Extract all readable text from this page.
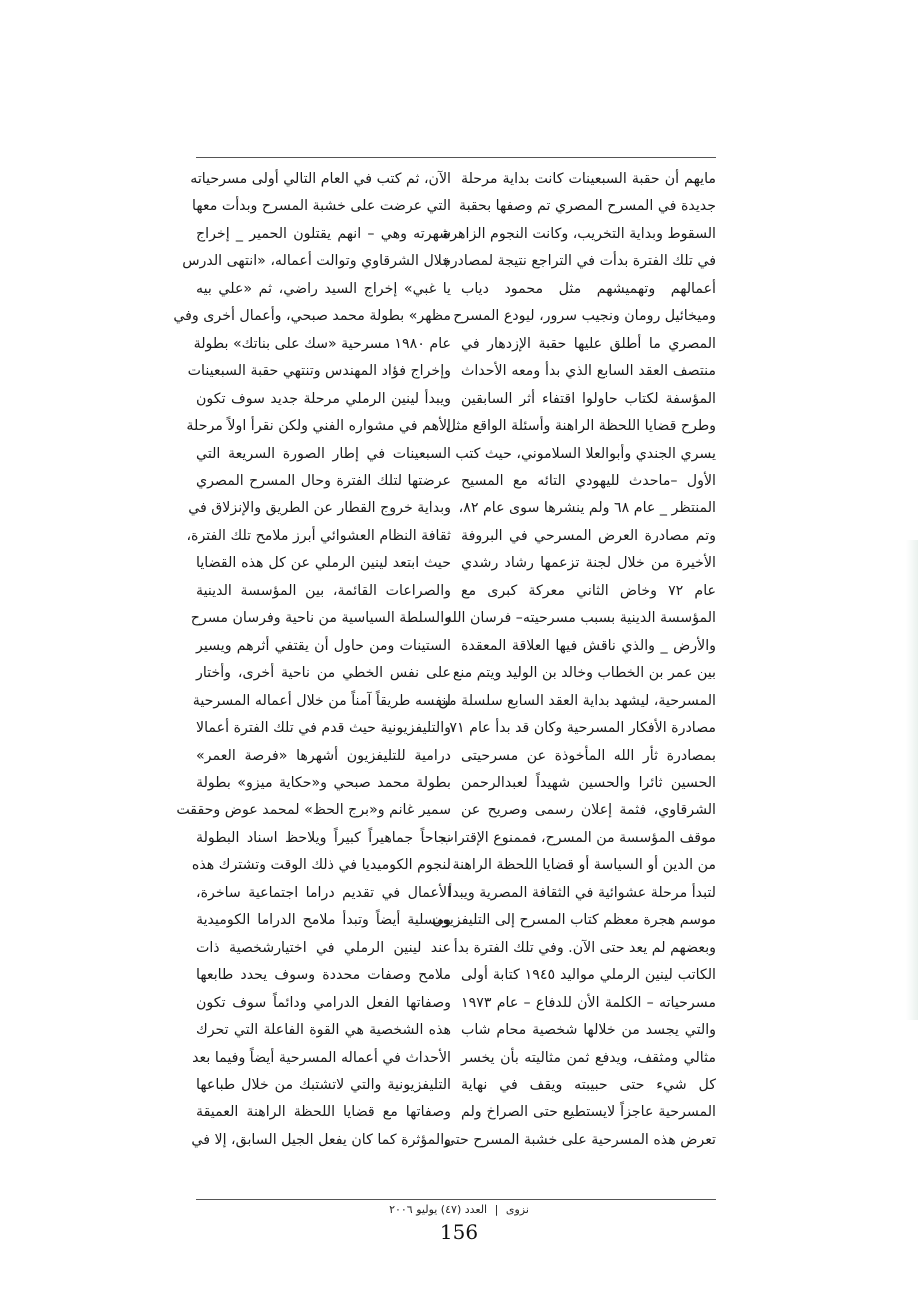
مايهم أن حقبة السبعينات كانت بداية مرحلة
جديدة في المسرح المصري تم وصفها بحقبة
السقوط وبداية التخريب، وكانت النجوم الزاهرة
في تلك الفترة بدأت في التراجع نتيجة لمصادرة
أعمالهم وتهميشهم مثل محمود دياب
وميخائيل رومان ونجيب سرور، ليودع المسرح
المصري ما أطلق عليها حقبة الإزدهار في
منتصف العقد السابع الذي بدأ ومعه الأحداث
المؤسفة لكتاب حاولوا اقتفاء أثر السابقين
وطرح قضايا اللحظة الراهنة وأسئلة الواقع مثل
يسري الجندي وأبوالعلا السلاموني، حيث كتب
الأول –ماحدث لليهودي التائه مع المسيح
المنتظر _ عام ٦٨ ولم ينشرها سوى عام ٨٢،
وتم مصادرة العرض المسرحي في البروفة
الأخيرة من خلال لجنة تزعمها رشاد رشدي
عام ٧٢ وخاض الثاني معركة كبرى مع
المؤسسة الدينية بسبب مسرحيته– فرسان الله
والأرض _ والذي ناقش فيها العلاقة المعقدة
بين عمر بن الخطاب وخالد بن الوليد ويتم منع
المسرحية، ليشهد بداية العقد السابع سلسلة من
مصادرة الأفكار المسرحية وكان قد بدأ عام ٧١
بمصادرة ثأر الله المأخوذة عن مسرحيتى
الحسين ثائرا والحسين شهيداً لعبدالرحمن
الشرقاوي، فثمة إعلان رسمى وصريح عن
موقف المؤسسة من المسرح، فممنوع الإقتراب
من الدين أو السياسة أو قضايا اللحظة الراهنة
لتبدأ مرحلة عشوائية في الثقافة المصرية ويبدأ
موسم هجرة معظم كتاب المسرح إلى التليفزيون
وبعضهم لم يعد حتى الآن. وفي تلك الفترة بدأ
الكاتب لينين الرملي مواليد ١٩٤٥ كتابة أولى
مسرحياته – الكلمة الأن للدفاع – عام ١٩٧٣
والتي يجسد من خلالها شخصية محام شاب
مثالي ومثقف، ويدفع ثمن مثاليته بأن يخسر
كل شيء حتى حبيبته ويقف في نهاية
المسرحية عاجزاً لايستطيع حتى الصراخ ولم
تعرض هذه المسرحية على خشبة المسرح حتى
الآن، ثم كتب في العام التالي أولى مسرحياته
التي عرضت على خشبة المسرح وبدأت معها
شهرته وهي – انهم يقتلون الحمير _ إخراج
جلال الشرقاوي وتوالت أعماله، «انتهى الدرس
يا غبي» إخراج السيد راضي، ثم «علي بيه
مظهر» بطولة محمد صبحي، وأعمال أخرى وفي
عام ١٩٨٠ مسرحية «سك على بناتك» بطولة
وإخراج فؤاد المهندس وتنتهي حقبة السبعينات
ويبدأ لينين الرملي مرحلة جديد سوف تكون
الأهم في مشواره الفني ولكن نقرأ اولاً مرحلة
السبعينات في إطار الصورة السريعة التي
عرضتها لتلك الفترة وحال المسرح المصري
وبداية خروج القطار عن الطريق والإنزلاق في
ثقافة النظام العشوائي أبرز ملامح تلك الفترة،
حيث ابتعد لينين الرملي عن كل هذه القضايا
والصراعات القائمة، بين المؤسسة الدينية
والسلطة السياسية من ناحية وفرسان مسرح
الستينات ومن حاول أن يقتفي أثرهم ويسير
على نفس الخطي من ناحية أخرى، وأختار
لنفسه طريقاً آمناً من خلال أعماله المسرحية
والتليفزيونية حيث قدم في تلك الفترة أعمالا
درامية للتليفزيون أشهرها «فرصة العمر»
بطولة محمد صبحي و«حكاية ميزو» بطولة
سمير غانم و«برج الحظ» لمحمد عوض وحققت
نجاحاً جماهيراً كبيراً ويلاحظ اسناد البطولة
لنجوم الكوميديا في ذلك الوقت وتشترك هذه
الأعمال في تقديم دراما اجتماعية ساخرة،
ومسلية أيضاً وتبدأ ملامح الدراما الكوميدية
عند لينين الرملي في اختيارشخصية ذات
ملامح وصفات محددة وسوف يحدد طابعها
وصفاتها الفعل الدرامي ودائماً سوف تكون
هذه الشخصية هي القوة الفاعلة التي تحرك
الأحداث في أعماله المسرحية أيضاً وفيما بعد
التليفزيونية والتي لاتشتبك من خلال طباعها
وصفاتها مع قضايا اللحظة الراهنة العميقة
والمؤثرة كما كان يفعل الجيل السابق، إلا في
نزوى | العدد (٤٧) يوليو ٢٠٠٦
156
